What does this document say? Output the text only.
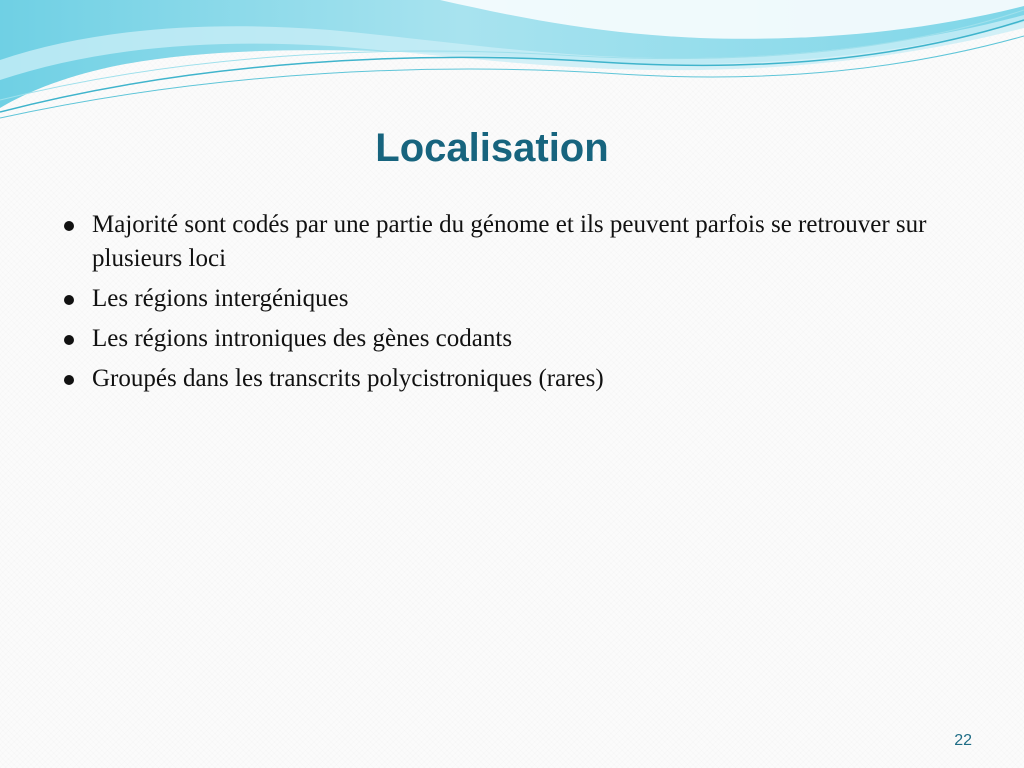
Localisation
Majorité sont codés par une partie du génome et ils peuvent parfois se retrouver sur plusieurs loci
Les régions intergéniques
Les régions introniques des gènes codants
Groupés dans les transcrits polycistroniques (rares)
22
